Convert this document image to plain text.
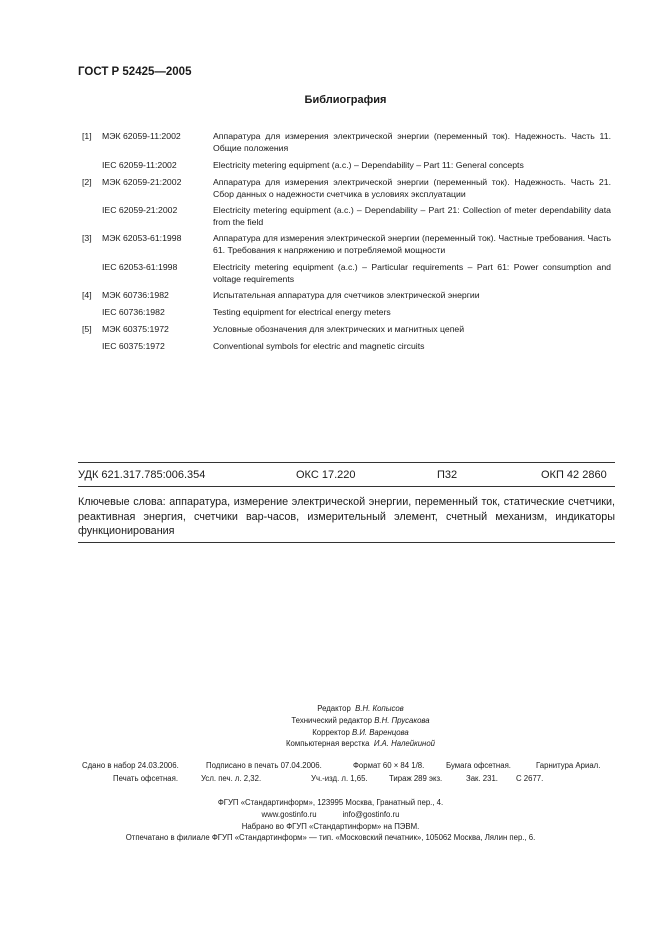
ГОСТ Р 52425—2005
Библиография
[1] МЭК 62059-11:2002	Аппаратура для измерения электрической энергии (переменный ток). Надежность. Часть 11. Общие положения
IEC 62059-11:2002	Electricity metering equipment (a.c.) – Dependability – Part 11: General concepts
[2] МЭК 62059-21:2002	Аппаратура для измерения электрической энергии (переменный ток). Надежность. Часть 21. Сбор данных о надежности счетчика в условиях эксплуатации
IEC 62059-21:2002	Electricity metering equipment (a.c.) – Dependability – Part 21: Collection of meter dependability data from the field
[3] МЭК 62053-61:1998	Аппаратура для измерения электрической энергии (переменный ток). Частные требования. Часть 61. Требования к напряжению и потребляемой мощности
IEC 62053-61:1998	Electricity metering equipment (a.c.) – Particular requirements – Part 61: Power consumption and voltage requirements
[4] МЭК 60736:1982	Испытательная аппаратура для счетчиков электрической энергии
IEC 60736:1982	Testing equipment for electrical energy meters
[5] МЭК 60375:1972	Условные обозначения для электрических и магнитных цепей
IEC 60375:1972	Conventional symbols for electric and magnetic circuits
УДК 621.317.785:006.354	ОКС 17.220	П32	ОКП 42 2860
Ключевые слова: аппаратура, измерение электрической энергии, переменный ток, статические счетчики, реактивная энергия, счетчики вар-часов, измерительный элемент, счетный механизм, индикаторы функционирования
Редактор В.Н. Копысов
Технический редактор В.Н. Прусакова
Корректор В.И. Варенцова
Компьютерная верстка И.А. Налейкиной
Сдано в набор 24.03.2006.	Подписано в печать 07.04.2006.	Формат 60 × 84 1/8.	Бумага офсетная.	Гарнитура Ариал.
Печать офсетная.	Усл. печ. л. 2,32.	Уч.-изд. л. 1,65.	Тираж 289 экз.	Зак. 231. С 2677.
ФГУП «Стандартинформ», 123995 Москва, Гранатный пер., 4.
www.gostinfo.ru	info@gostinfo.ru
Набрано во ФГУП «Стандартинформ» на ПЭВМ.
Отпечатано в филиале ФГУП «Стандартинформ» — тип. «Московский печатник», 105062 Москва, Лялин пер., 6.
